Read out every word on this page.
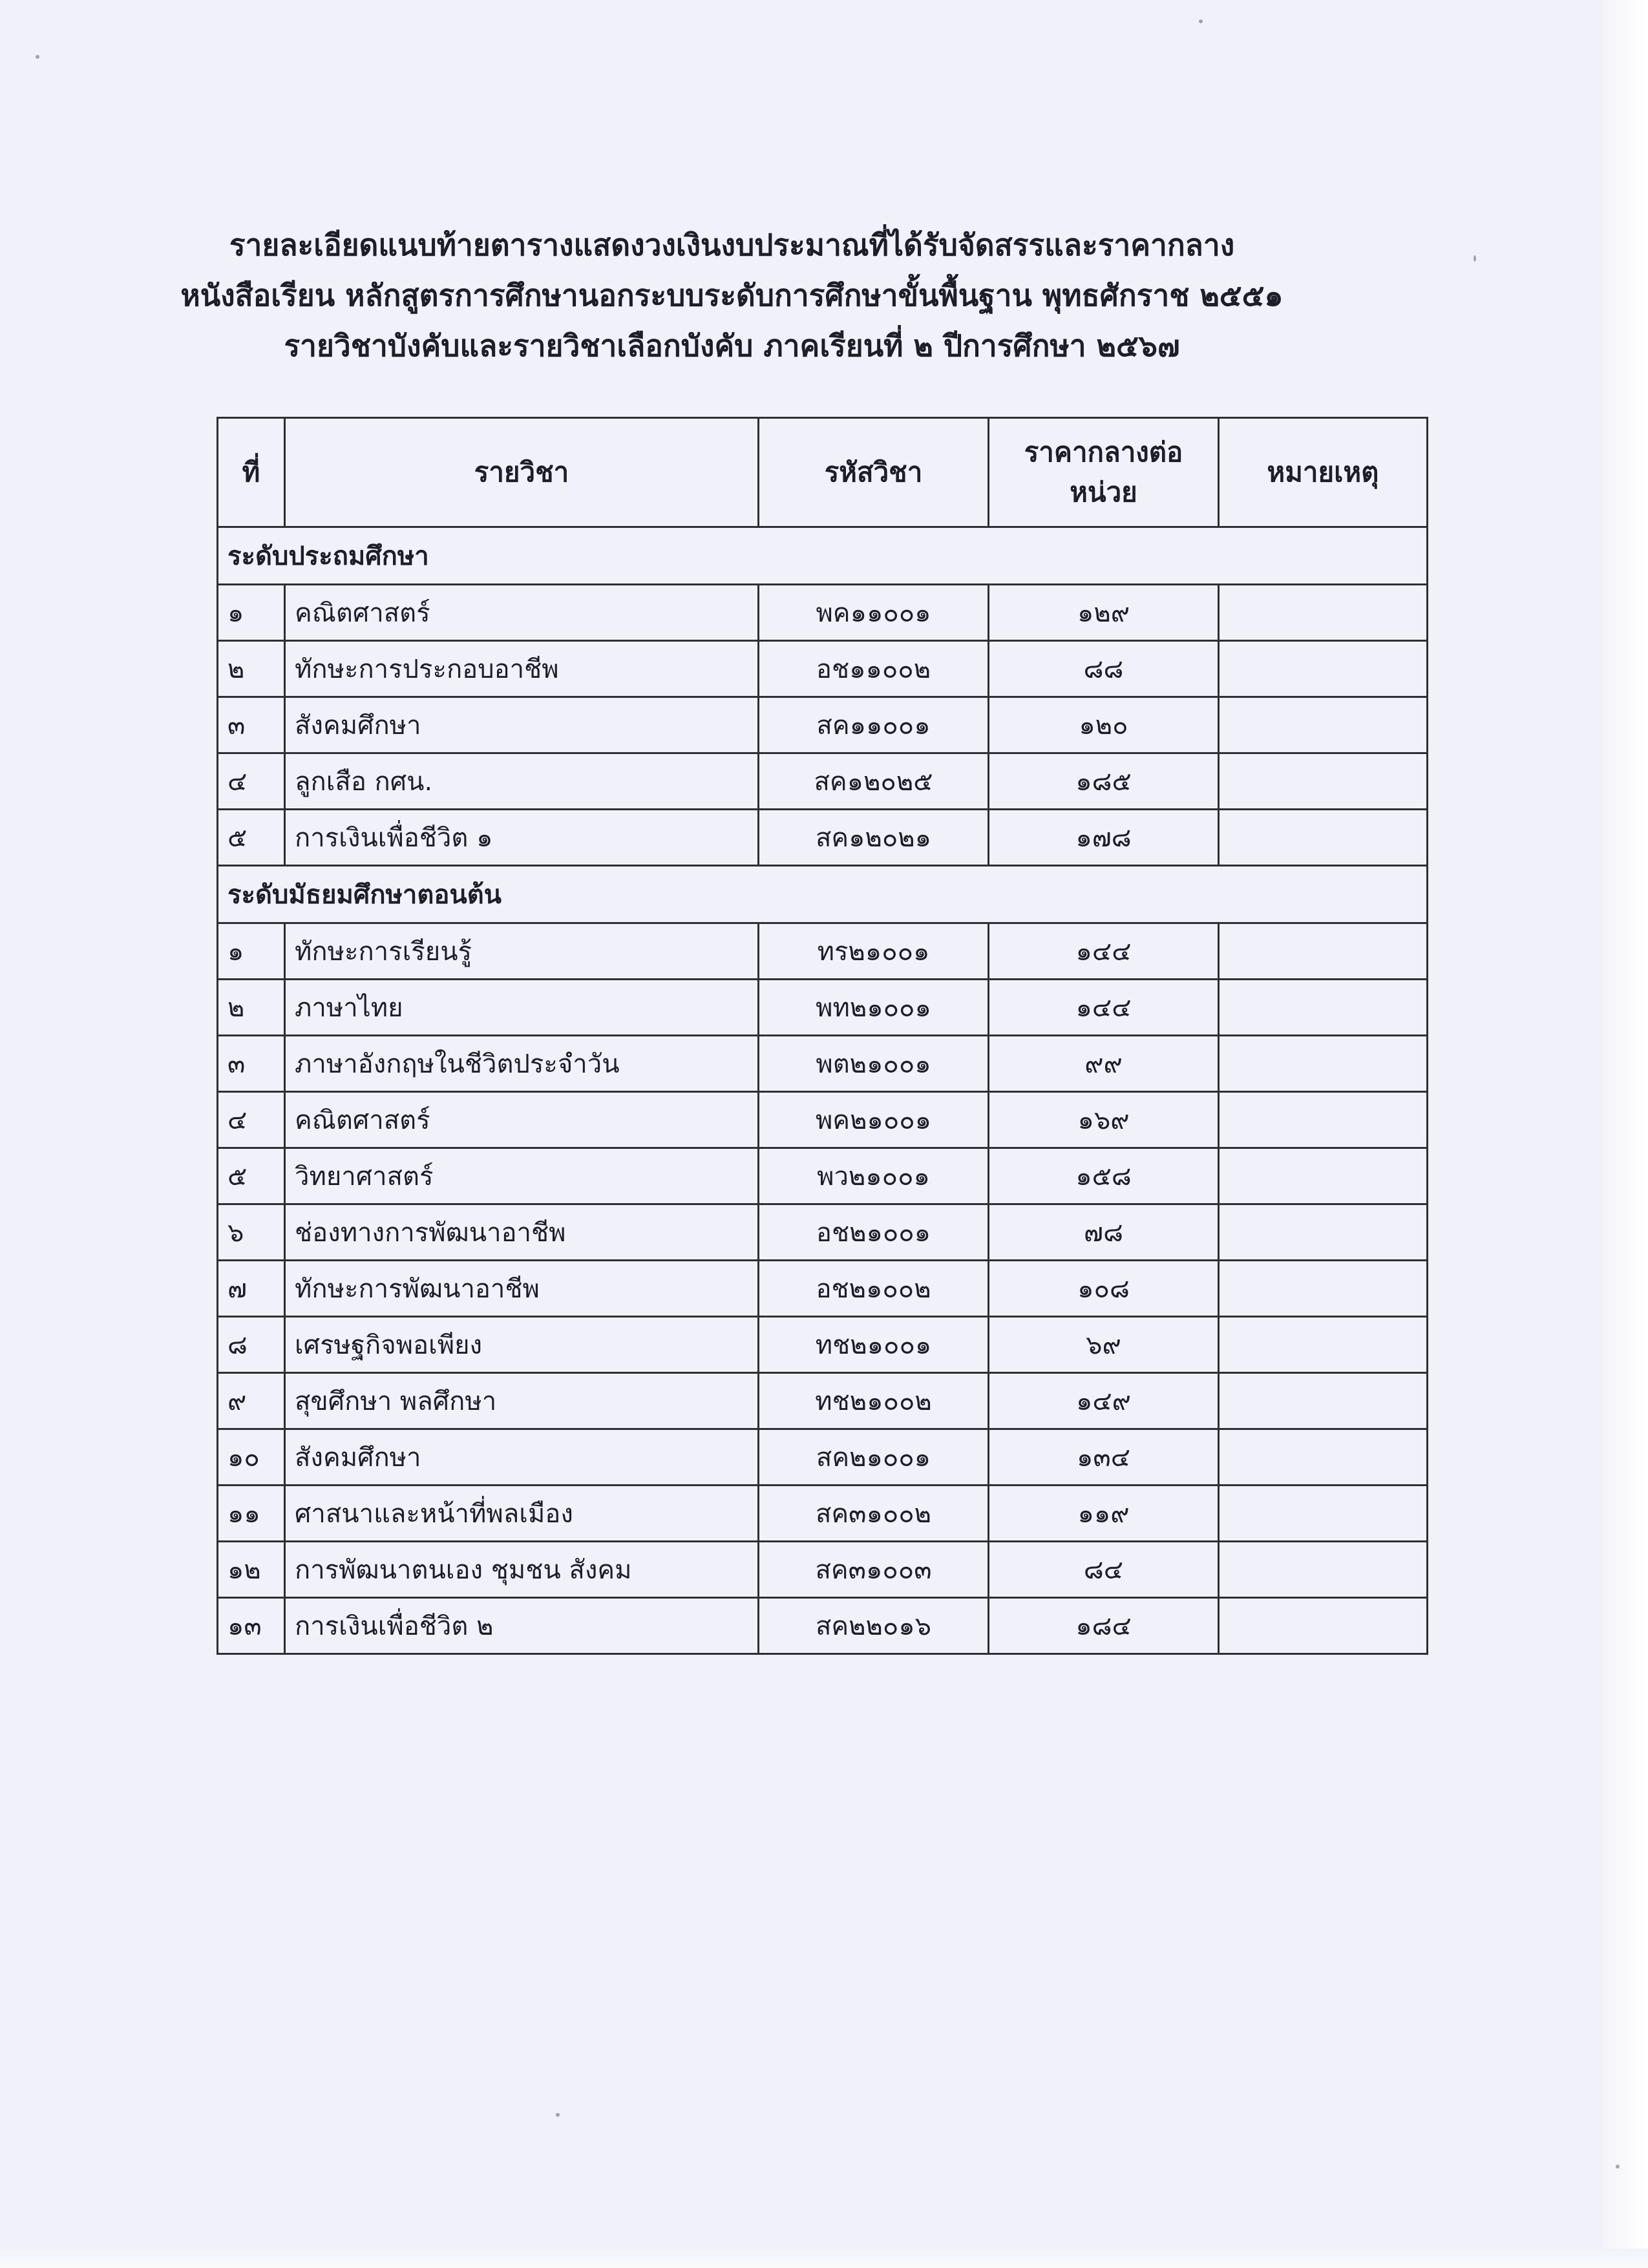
รายละเอียดแนบท้ายตารางแสดงวงเงินงบประมาณที่ได้รับจัดสรรและราคากลาง
หนังสือเรียน หลักสูตรการศึกษานอกระบบระดับการศึกษาขั้นพื้นฐาน พุทธศักราช ๒๕๕๑
รายวิชาบังคับและรายวิชาเลือกบังคับ ภาคเรียนที่ ๒ ปีการศึกษา ๒๕๖๗
ที่	รายวิชา	รหัสวิชา	ราคากลางต่อหน่วย	หมายเหตุ
ระดับประถมศึกษา				
๑	คณิตศาสตร์	พค๑๑๐๐๑	๑๒๙	
๒	ทักษะการประกอบอาชีพ	อช๑๑๐๐๒	๘๘	
๓	สังคมศึกษา	สค๑๑๐๐๑	๑๒๐	
๔	ลูกเสือ กศน.	สค๑๒๐๒๕	๑๘๕	
๕	การเงินเพื่อชีวิต ๑	สค๑๒๐๒๑	๑๗๘	
ระดับมัธยมศึกษาตอนต้น				
๑	ทักษะการเรียนรู้	ทร๒๑๐๐๑	๑๔๔	
๒	ภาษาไทย	พท๒๑๐๐๑	๑๔๔	
๓	ภาษาอังกฤษในชีวิตประจำวัน	พต๒๑๐๐๑	๙๙	
๔	คณิตศาสตร์	พค๒๑๐๐๑	๑๖๙	
๕	วิทยาศาสตร์	พว๒๑๐๐๑	๑๕๘	
๖	ช่องทางการพัฒนาอาชีพ	อช๒๑๐๐๑	๗๘	
๗	ทักษะการพัฒนาอาชีพ	อช๒๑๐๐๒	๑๐๘	
๘	เศรษฐกิจพอเพียง	ทช๒๑๐๐๑	๖๙	
๙	สุขศึกษา พลศึกษา	ทช๒๑๐๐๒	๑๔๙	
๑๐	สังคมศึกษา	สค๒๑๐๐๑	๑๓๔	
๑๑	ศาสนาและหน้าที่พลเมือง	สค๓๑๐๐๒	๑๑๙	
๑๒	การพัฒนาตนเอง ชุมชน สังคม	สค๓๑๐๐๓	๘๔	
๑๓	การเงินเพื่อชีวิต ๒	สค๒๒๐๑๖	๑๘๔	
